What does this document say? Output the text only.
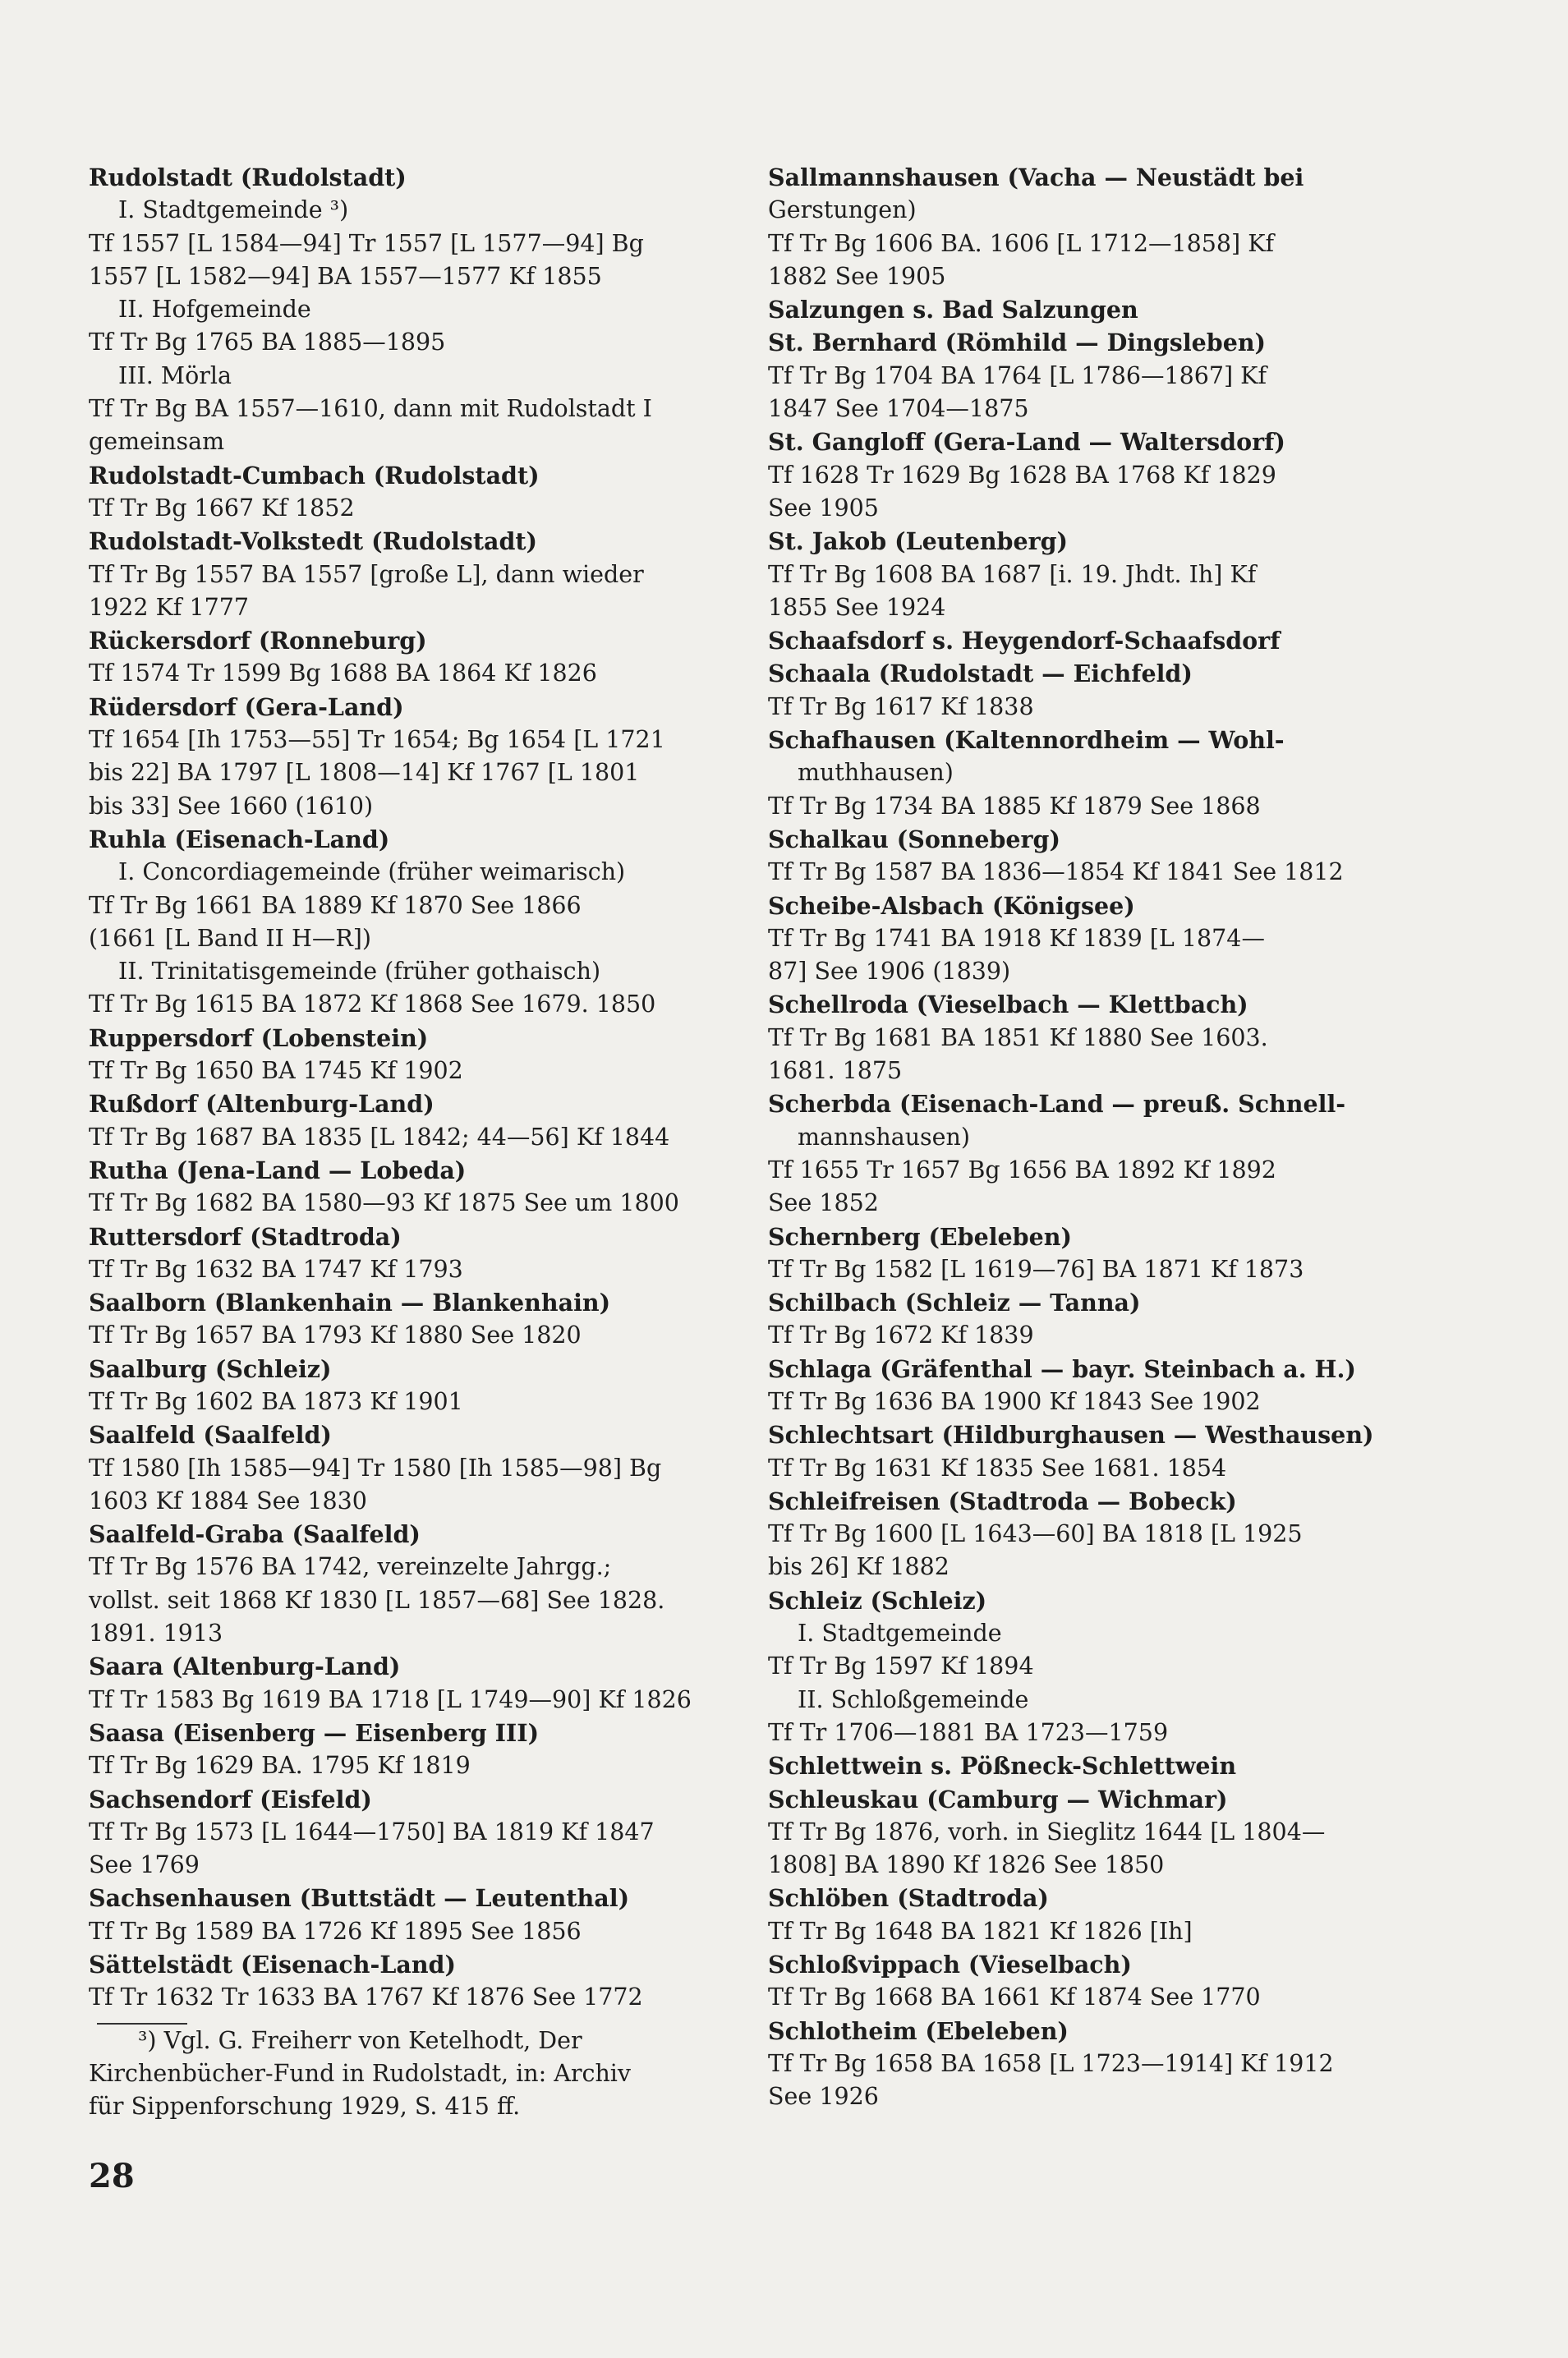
Rudolstadt (Rudolstadt)
I. Stadtgemeinde ³)
Tf 1557 [L 1584—94] Tr 1557 [L 1577—94] Bg
1557 [L 1582—94] BA 1557—1577 Kf 1855
II. Hofgemeinde
Tf Tr Bg 1765 BA 1885—1895
III. Mörla
Tf Tr Bg BA 1557—1610, dann mit Rudolstadt I
gemeinsam
Rudolstadt-Cumbach (Rudolstadt)
Tf Tr Bg 1667 Kf 1852
Rudolstadt-Volkstedt (Rudolstadt)
Tf Tr Bg 1557 BA 1557 [große L], dann wieder
1922 Kf 1777
Rückersdorf (Ronneburg)
Tf 1574 Tr 1599 Bg 1688 BA 1864 Kf 1826
Rüdersdorf (Gera-Land)
Tf 1654 [Ih 1753—55] Tr 1654; Bg 1654 [L 1721
bis 22] BA 1797 [L 1808—14] Kf 1767 [L 1801
bis 33] See 1660 (1610)
Ruhla (Eisenach-Land)
I. Concordiagemeinde (früher weimarisch)
Tf Tr Bg 1661 BA 1889 Kf 1870 See 1866
(1661 [L Band II H—R])
II. Trinitatisgemeinde (früher gothaisch)
Tf Tr Bg 1615 BA 1872 Kf 1868 See 1679. 1850
Ruppersdorf (Lobenstein)
Tf Tr Bg 1650 BA 1745 Kf 1902
Rußdorf (Altenburg-Land)
Tf Tr Bg 1687 BA 1835 [L 1842; 44—56] Kf 1844
Rutha (Jena-Land — Lobeda)
Tf Tr Bg 1682 BA 1580—93 Kf 1875 See um 1800
Ruttersdorf (Stadtroda)
Tf Tr Bg 1632 BA 1747 Kf 1793
Saalborn (Blankenhain — Blankenhain)
Tf Tr Bg 1657 BA 1793 Kf 1880 See 1820
Saalburg (Schleiz)
Tf Tr Bg 1602 BA 1873 Kf 1901
Saalfeld (Saalfeld)
Tf 1580 [Ih 1585—94] Tr 1580 [Ih 1585—98] Bg
1603 Kf 1884 See 1830
Saalfeld-Graba (Saalfeld)
Tf Tr Bg 1576 BA 1742, vereinzelte Jahrgg.;
vollst. seit 1868 Kf 1830 [L 1857—68] See 1828.
1891. 1913
Saara (Altenburg-Land)
Tf Tr 1583 Bg 1619 BA 1718 [L 1749—90] Kf 1826
Saasa (Eisenberg — Eisenberg III)
Tf Tr Bg 1629 BA. 1795 Kf 1819
Sachsendorf (Eisfeld)
Tf Tr Bg 1573 [L 1644—1750] BA 1819 Kf 1847
See 1769
Sachsenhausen (Buttstädt — Leutenthal)
Tf Tr Bg 1589 BA 1726 Kf 1895 See 1856
Sättelstädt (Eisenach-Land)
Tf Tr 1632 Tr 1633 BA 1767 Kf 1876 See 1772
³) Vgl. G. Freiherr von Ketelhodt, Der
Kirchenbücher-Fund in Rudolstadt, in: Archiv
für Sippenforschung 1929, S. 415 ff.
Sallmannshausen (Vacha — Neustädt bei
Gerstungen)
Tf Tr Bg 1606 BA. 1606 [L 1712—1858] Kf
1882 See 1905
Salzungen s. Bad Salzungen
St. Bernhard (Römhild — Dingsleben)
Tf Tr Bg 1704 BA 1764 [L 1786—1867] Kf
1847 See 1704—1875
St. Gangloff (Gera-Land — Waltersdorf)
Tf 1628 Tr 1629 Bg 1628 BA 1768 Kf 1829
See 1905
St. Jakob (Leutenberg)
Tf Tr Bg 1608 BA 1687 [i. 19. Jhdt. Ih] Kf
1855 See 1924
Schaafsdorf s. Heygendorf-Schaafsdorf
Schaala (Rudolstadt — Eichfeld)
Tf Tr Bg 1617 Kf 1838
Schafhausen (Kaltennordheim — Wohl-
muthhausen)
Tf Tr Bg 1734 BA 1885 Kf 1879 See 1868
Schalkau (Sonneberg)
Tf Tr Bg 1587 BA 1836—1854 Kf 1841 See 1812
Scheibe-Alsbach (Königsee)
Tf Tr Bg 1741 BA 1918 Kf 1839 [L 1874—
87] See 1906 (1839)
Schellroda (Vieselbach — Klettbach)
Tf Tr Bg 1681 BA 1851 Kf 1880 See 1603.
1681. 1875
Scherbda (Eisenach-Land — preuß. Schnell-
mannshausen)
Tf 1655 Tr 1657 Bg 1656 BA 1892 Kf 1892
See 1852
Schernberg (Ebeleben)
Tf Tr Bg 1582 [L 1619—76] BA 1871 Kf 1873
Schilbach (Schleiz — Tanna)
Tf Tr Bg 1672 Kf 1839
Schlaga (Gräfenthal — bayr. Steinbach a. H.)
Tf Tr Bg 1636 BA 1900 Kf 1843 See 1902
Schlechtsart (Hildburghausen — Westhausen)
Tf Tr Bg 1631 Kf 1835 See 1681. 1854
Schleifreisen (Stadtroda — Bobeck)
Tf Tr Bg 1600 [L 1643—60] BA 1818 [L 1925
bis 26] Kf 1882
Schleiz (Schleiz)
I. Stadtgemeinde
Tf Tr Bg 1597 Kf 1894
II. Schloßgemeinde
Tf Tr 1706—1881 BA 1723—1759
Schlettwein s. Pößneck-Schlettwein
Schleuskau (Camburg — Wichmar)
Tf Tr Bg 1876, vorh. in Sieglitz 1644 [L 1804—
1808] BA 1890 Kf 1826 See 1850
Schlöben (Stadtroda)
Tf Tr Bg 1648 BA 1821 Kf 1826 [Ih]
Schloßvippach (Vieselbach)
Tf Tr Bg 1668 BA 1661 Kf 1874 See 1770
Schlotheim (Ebeleben)
Tf Tr Bg 1658 BA 1658 [L 1723—1914] Kf 1912
See 1926
28
